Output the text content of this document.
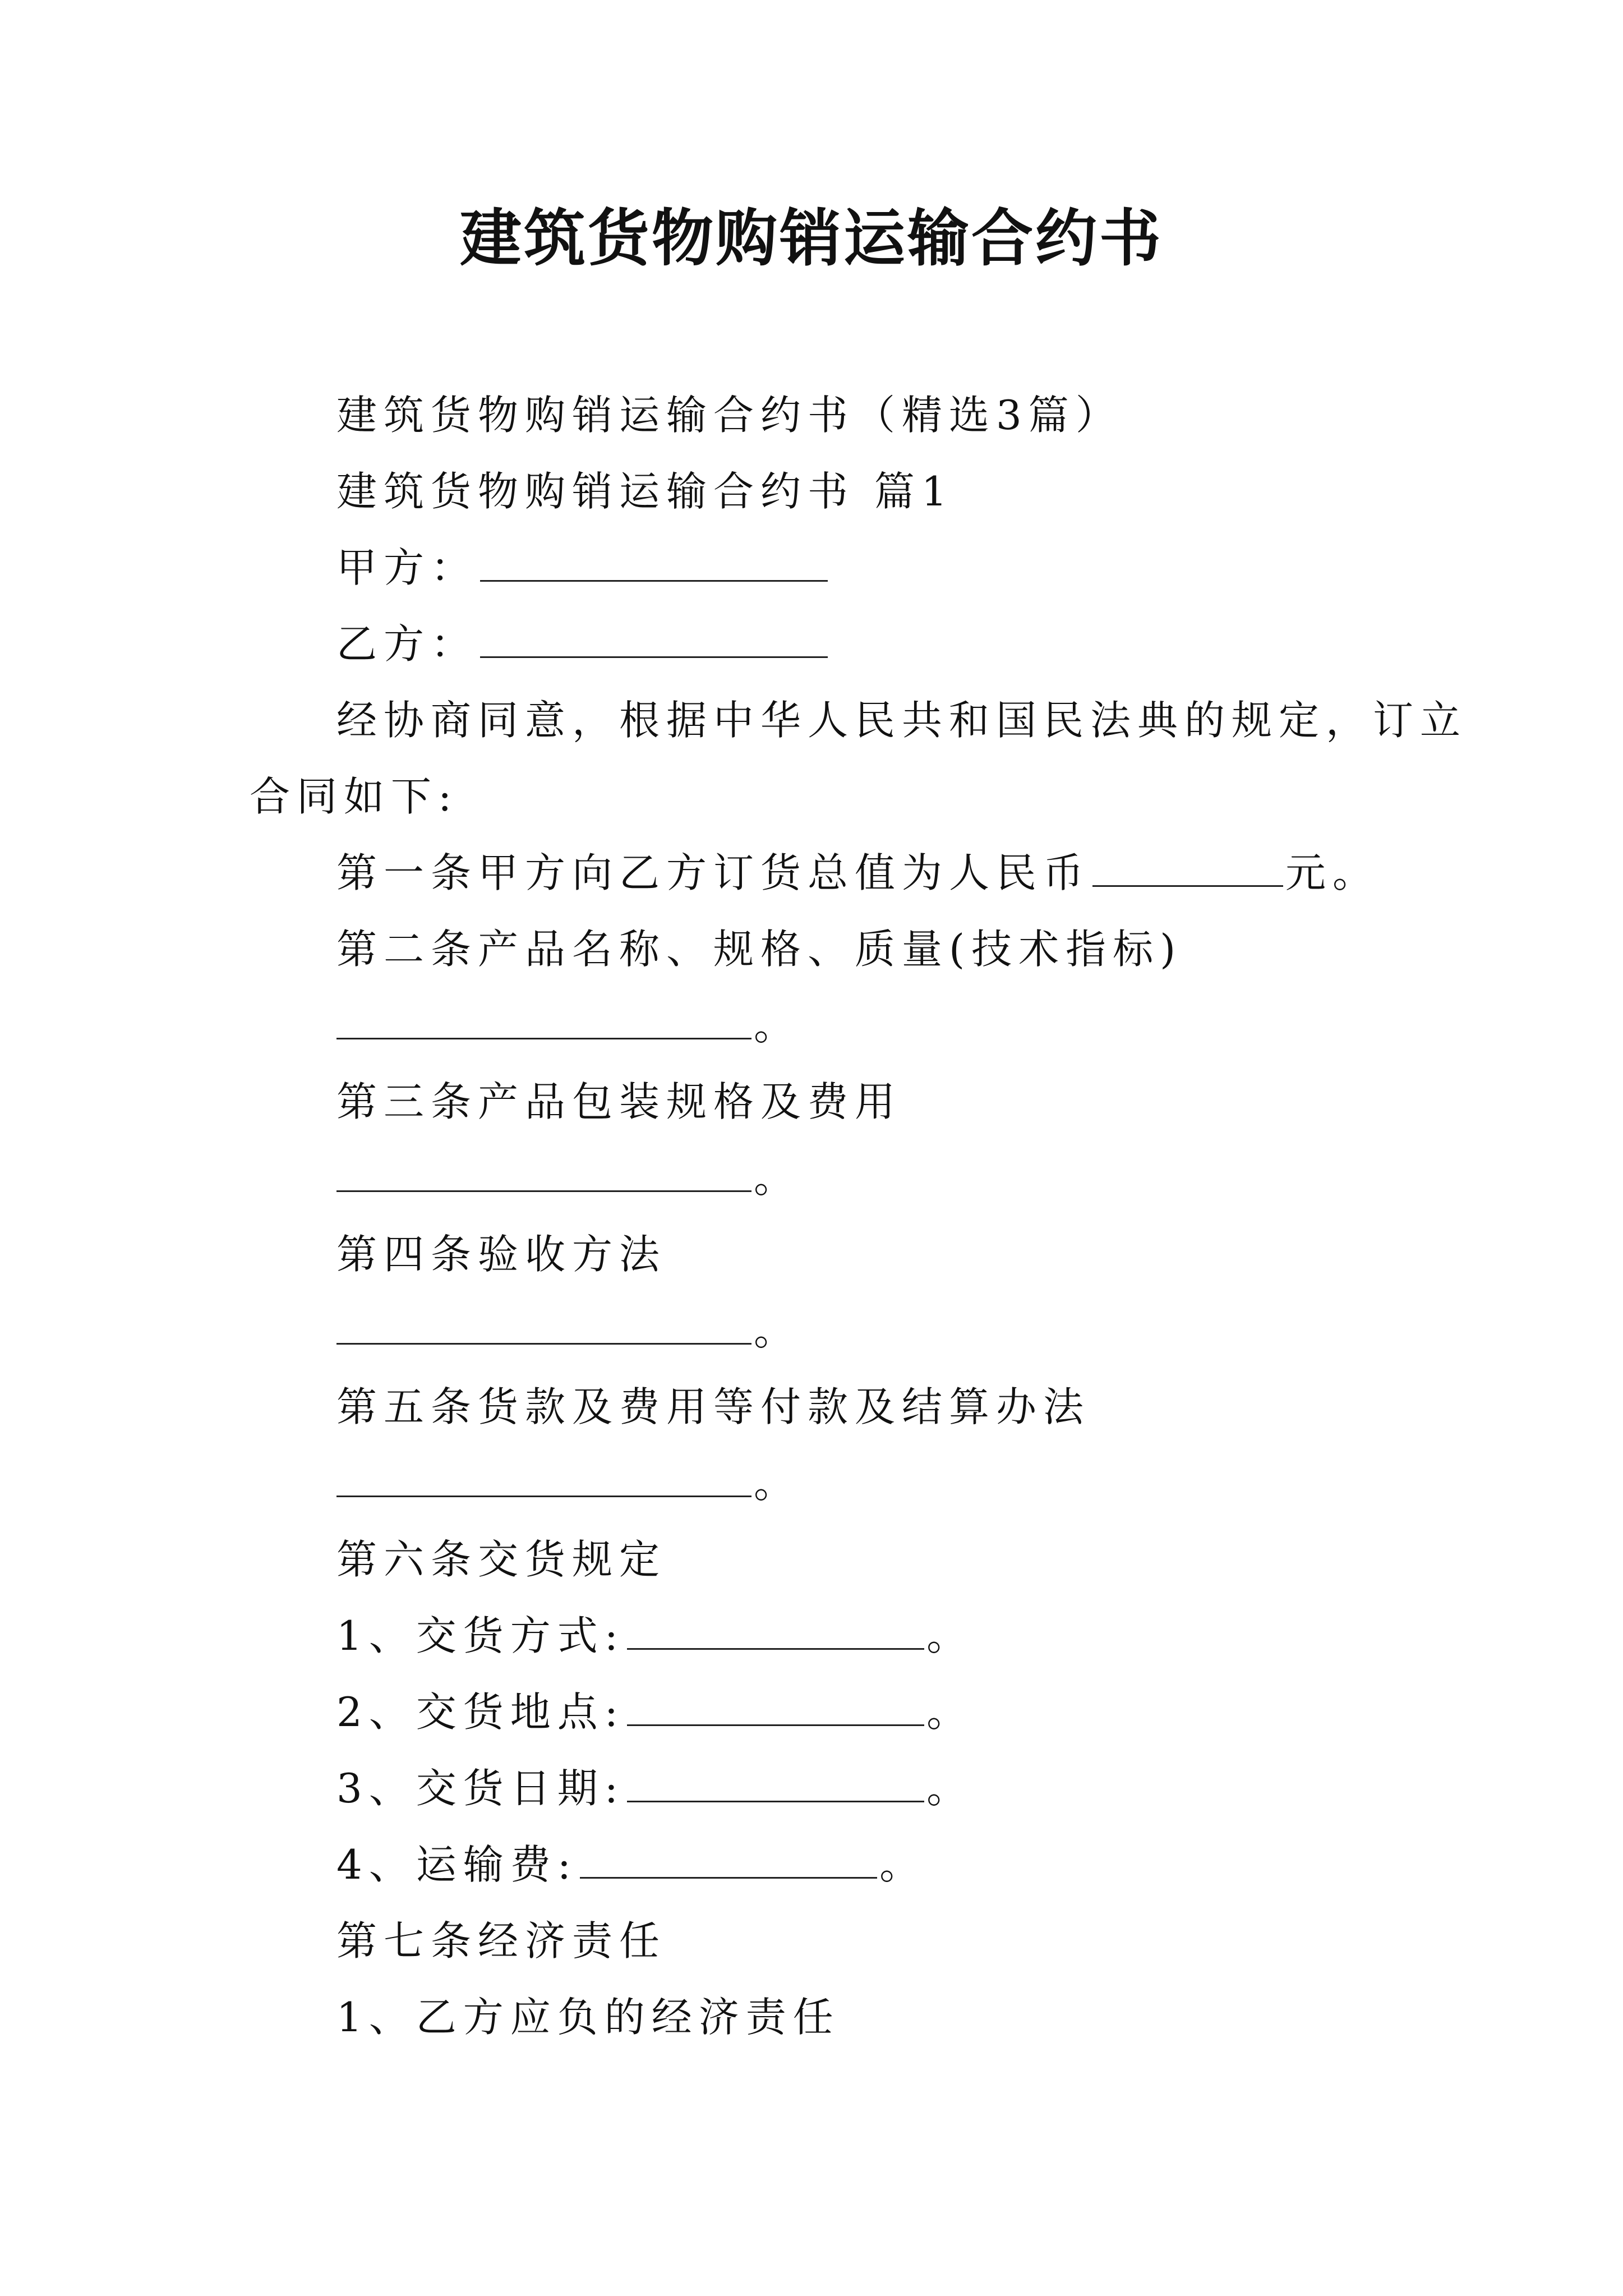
建筑货物购销运输合约书
建筑货物购销运输合约书（精选3篇）
建筑货物购销运输合约书 篇1
甲方：
乙方：
经协商同意，根据中华人民共和国民法典的规定，订立
合同如下:
第一条甲方向乙方订货总值为人民币	元。
第二条产品名称、规格、质量(技术指标)
。
第三条产品包装规格及费用
。
第四条验收方法
。
第五条货款及费用等付款及结算办法
。
第六条交货规定
1、交货方式:	。
2、交货地点:	。
3、交货日期:	。
4、运输费:	。
第七条经济责任
1、乙方应负的经济责任
